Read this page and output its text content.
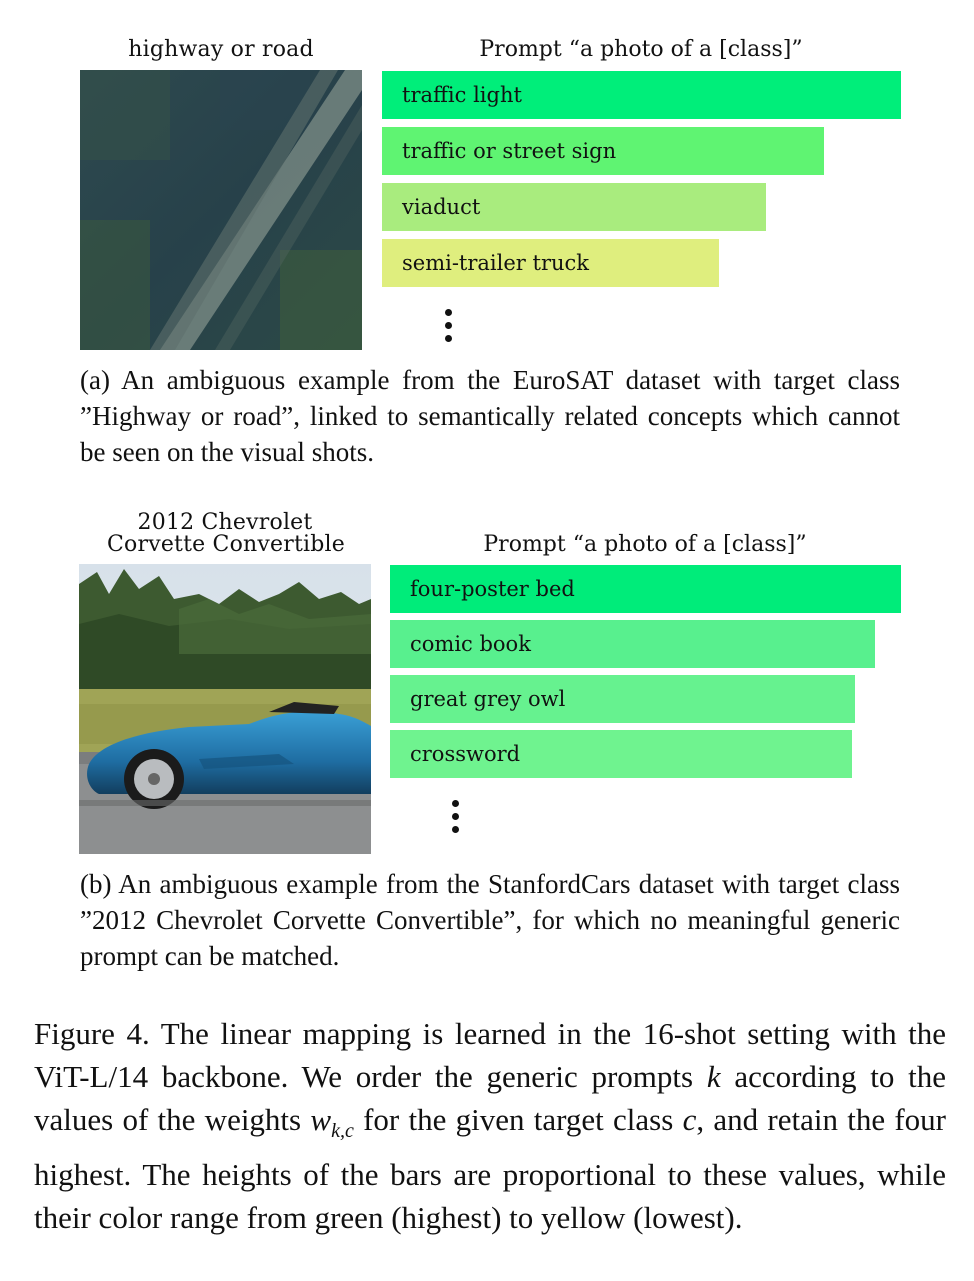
highway or road	Prompt “a photo of a [class]”
traffic light
traffic or street sign
viaduct
semi-trailer truck
(a) An ambiguous example from the EuroSAT dataset with target class ”Highway or road”, linked to semantically related concepts which cannot be seen on the visual shots.
2012 Chevrolet
Corvette Convertible	Prompt “a photo of a [class]”
four-poster bed
comic book
great grey owl
crossword
(b) An ambiguous example from the StanfordCars dataset with target class ”2012 Chevrolet Corvette Convertible”, for which no meaningful generic prompt can be matched.
Figure 4. The linear mapping is learned in the 16-shot setting with the ViT-L/14 backbone. We order the generic prompts k according to the values of the weights $w_{k,c}$ for the given target class c, and retain the four highest. The heights of the bars are proportional to these values, while their color range from green (highest) to yellow (lowest).
